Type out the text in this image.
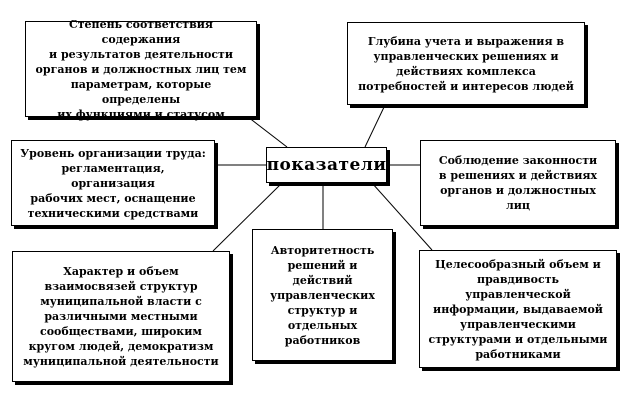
Степень соответствия содержания
и результатов деятельности
органов и должностных лиц тем
параметрам, которые определены
их функциями и статусом
Глубина учета и выражения в
управленческих решениях и
действиях комплекса
потребностей и интересов людей
Уровень организации труда:
регламентация, организация
рабочих мест, оснащение
техническими средствами
показатели	Соблюдение законности
в решениях и действиях
органов и должностных
лиц
Авторитетность
решений и
действий
управленческих
структур и
отдельных
работников
Характер и объем
взаимосвязей структур
муниципальной власти с
различными местными
сообществами, широким
кругом людей, демократизм
муниципальной деятельности
Целесообразный объем и
правдивость управленческой
информации, выдаваемой
управленческими
структурами и отдельными
работниками
